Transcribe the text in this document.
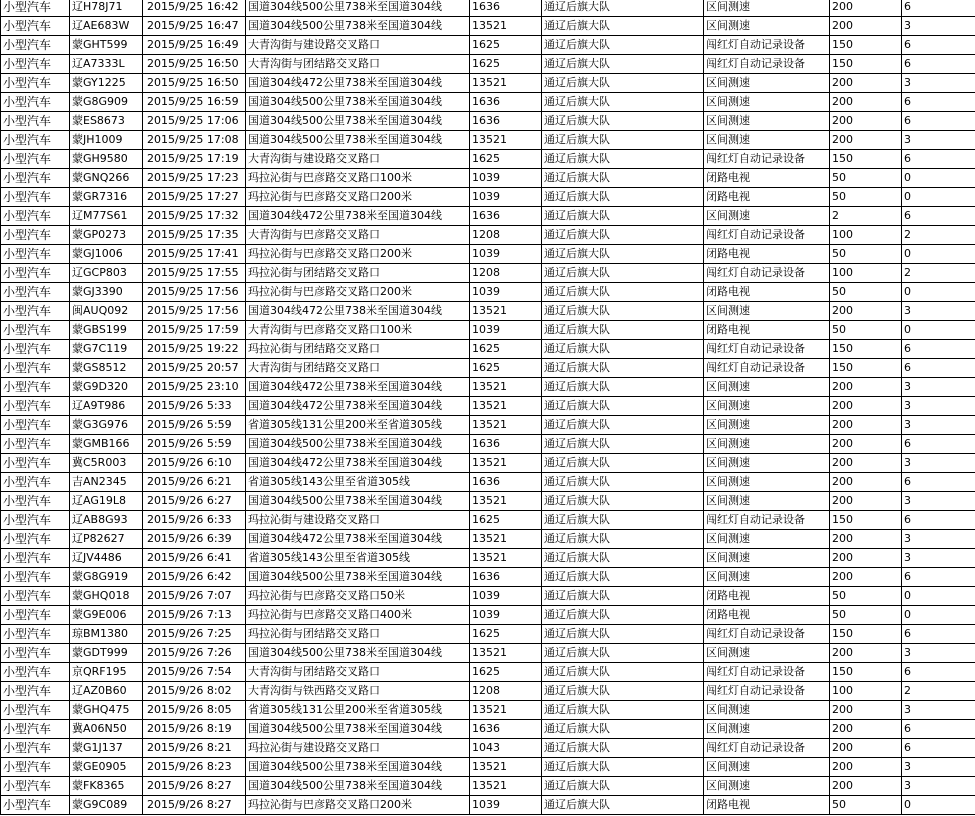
小型汽车	辽H78J71	2015/9/25 16:42	国道304线500公里738米至国道304线	1636	通辽后旗大队	区间测速	200	6
小型汽车	辽AE683W	2015/9/25 16:47	国道304线500公里738米至国道304线	13521	通辽后旗大队	区间测速	200	3
小型汽车	蒙GHT599	2015/9/25 16:49	大青沟街与建设路交叉路口	1625	通辽后旗大队	闯红灯自动记录设备	150	6
小型汽车	辽A7333L	2015/9/25 16:50	大青沟街与团结路交叉路口	1625	通辽后旗大队	闯红灯自动记录设备	150	6
小型汽车	蒙GY1225	2015/9/25 16:50	国道304线472公里738米至国道304线	13521	通辽后旗大队	区间测速	200	3
小型汽车	蒙G8G909	2015/9/25 16:59	国道304线500公里738米至国道304线	1636	通辽后旗大队	区间测速	200	6
小型汽车	蒙ES8673	2015/9/25 17:06	国道304线500公里738米至国道304线	1636	通辽后旗大队	区间测速	200	6
小型汽车	蒙JH1009	2015/9/25 17:08	国道304线500公里738米至国道304线	13521	通辽后旗大队	区间测速	200	3
小型汽车	蒙GH9580	2015/9/25 17:19	大青沟街与建设路交叉路口	1625	通辽后旗大队	闯红灯自动记录设备	150	6
小型汽车	蒙GNQ266	2015/9/25 17:23	玛拉沁街与巴彦路交叉路口100米	1039	通辽后旗大队	闭路电视	50	0
小型汽车	蒙GR7316	2015/9/25 17:27	玛拉沁街与巴彦路交叉路口200米	1039	通辽后旗大队	闭路电视	50	0
小型汽车	辽M77S61	2015/9/25 17:32	国道304线472公里738米至国道304线	1636	通辽后旗大队	区间测速	2	6
小型汽车	蒙GP0273	2015/9/25 17:35	大青沟街与巴彦路交叉路口	1208	通辽后旗大队	闯红灯自动记录设备	100	2
小型汽车	蒙GJ1006	2015/9/25 17:41	玛拉沁街与巴彦路交叉路口200米	1039	通辽后旗大队	闭路电视	50	0
小型汽车	辽GCP803	2015/9/25 17:55	玛拉沁街与团结路交叉路口	1208	通辽后旗大队	闯红灯自动记录设备	100	2
小型汽车	蒙GJ3390	2015/9/25 17:56	玛拉沁街与巴彦路交叉路口200米	1039	通辽后旗大队	闭路电视	50	0
小型汽车	闽AUQ092	2015/9/25 17:56	国道304线472公里738米至国道304线	13521	通辽后旗大队	区间测速	200	3
小型汽车	蒙GBS199	2015/9/25 17:59	大青沟街与巴彦路交叉路口100米	1039	通辽后旗大队	闭路电视	50	0
小型汽车	蒙G7C119	2015/9/25 19:22	玛拉沁街与团结路交叉路口	1625	通辽后旗大队	闯红灯自动记录设备	150	6
小型汽车	蒙GS8512	2015/9/25 20:57	大青沟街与团结路交叉路口	1625	通辽后旗大队	闯红灯自动记录设备	150	6
小型汽车	蒙G9D320	2015/9/25 23:10	国道304线472公里738米至国道304线	13521	通辽后旗大队	区间测速	200	3
小型汽车	辽A9T986	2015/9/26 5:33	国道304线472公里738米至国道304线	13521	通辽后旗大队	区间测速	200	3
小型汽车	蒙G3G976	2015/9/26 5:59	省道305线131公里200米至省道305线	13521	通辽后旗大队	区间测速	200	3
小型汽车	蒙GMB166	2015/9/26 5:59	国道304线500公里738米至国道304线	1636	通辽后旗大队	区间测速	200	6
小型汽车	冀C5R003	2015/9/26 6:10	国道304线472公里738米至国道304线	13521	通辽后旗大队	区间测速	200	3
小型汽车	吉AN2345	2015/9/26 6:21	省道305线143公里至省道305线	1636	通辽后旗大队	区间测速	200	6
小型汽车	辽AG19L8	2015/9/26 6:27	国道304线500公里738米至国道304线	13521	通辽后旗大队	区间测速	200	3
小型汽车	辽AB8G93	2015/9/26 6:33	玛拉沁街与建设路交叉路口	1625	通辽后旗大队	闯红灯自动记录设备	150	6
小型汽车	辽P82627	2015/9/26 6:39	国道304线472公里738米至国道304线	13521	通辽后旗大队	区间测速	200	3
小型汽车	辽JV4486	2015/9/26 6:41	省道305线143公里至省道305线	13521	通辽后旗大队	区间测速	200	3
小型汽车	蒙G8G919	2015/9/26 6:42	国道304线500公里738米至国道304线	1636	通辽后旗大队	区间测速	200	6
小型汽车	蒙GHQ018	2015/9/26 7:07	玛拉沁街与巴彦路交叉路口50米	1039	通辽后旗大队	闭路电视	50	0
小型汽车	蒙G9E006	2015/9/26 7:13	玛拉沁街与巴彦路交叉路口400米	1039	通辽后旗大队	闭路电视	50	0
小型汽车	琼BM1380	2015/9/26 7:25	玛拉沁街与团结路交叉路口	1625	通辽后旗大队	闯红灯自动记录设备	150	6
小型汽车	蒙GDT999	2015/9/26 7:26	国道304线500公里738米至国道304线	13521	通辽后旗大队	区间测速	200	3
小型汽车	京QRF195	2015/9/26 7:54	大青沟街与团结路交叉路口	1625	通辽后旗大队	闯红灯自动记录设备	150	6
小型汽车	辽AZ0B60	2015/9/26 8:02	大青沟街与铁西路交叉路口	1208	通辽后旗大队	闯红灯自动记录设备	100	2
小型汽车	蒙GHQ475	2015/9/26 8:05	省道305线131公里200米至省道305线	13521	通辽后旗大队	区间测速	200	3
小型汽车	冀A06N50	2015/9/26 8:19	国道304线500公里738米至国道304线	1636	通辽后旗大队	区间测速	200	6
小型汽车	蒙G1J137	2015/9/26 8:21	玛拉沁街与建设路交叉路口	1043	通辽后旗大队	闯红灯自动记录设备	200	6
小型汽车	蒙GE0905	2015/9/26 8:23	国道304线500公里738米至国道304线	13521	通辽后旗大队	区间测速	200	3
小型汽车	蒙FK8365	2015/9/26 8:27	国道304线500公里738米至国道304线	13521	通辽后旗大队	区间测速	200	3
小型汽车	蒙G9C089	2015/9/26 8:27	玛拉沁街与巴彦路交叉路口200米	1039	通辽后旗大队	闭路电视	50	0
